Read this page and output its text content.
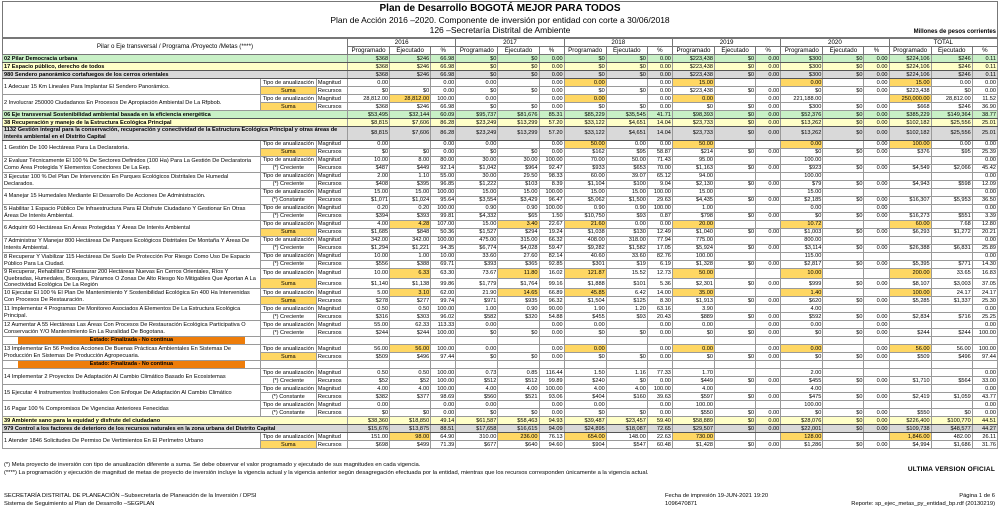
Plan de Desarrollo BOGOTÁ MEJOR PARA TODOS
Plan de Acción 2016 –2020. Componente de inversión por entidad con corte a 30/06/2018
126 –Secretaría Distrital de Ambiente	Millones de pesos corrientes
Pilar o Eje transversal / Programa /Proyecto /Metas (****)			2016			2017			2018			2019			2020			TOTAL		
			Programado	Ejecutado	%	Programado	Ejecutado	%	Programado	Ejecutado	%	Programado	Ejecutado	%	Programado	Ejecutado	%	Programado	Ejecutado	%
02 Pilar Democracia urbana			$368	$246	66.98	$0	$0	0.00	$0	$0	0.00	$223,438	$0	0.00	$300	$0	0.00	$224,106	$246	0.11
17 Espacio público, derecho de todos			$368	$246	66.98	$0	$0	0.00	$0	$0	0.00	$223,438	$0	0.00	$300	$0	0.00	$224,106	$246	0.11
980 Sendero panorámico cortafuegos de los cerros orientales			$368	$246	66.98	$0	$0	0.00	$0	$0	0.00	$223,438	$0	0.00	$300	$0	0.00	$224,106	$246	0.11
1 Adecuar 15 Km Lineales Para Implantar El Sendero Panorámico.	Tipo de anualización	Magnitud	0.00		0.00	0.00		0.00	0.00		0.00	15.00			0.00		0.00	15.00	0.00	0.00
	Suma	Recursos	$0	$0	0.00	$0	$0	0.00	$0	$0	0.00	$223,438	$0	0.00	$0	$0	0.00	$223,438	$0	0.00
2 Involucrar 250000 Ciudadanos En Procesos De Apropiación Ambiental De La Rfpbob.	Tipo de anualización	Magnitud	28,812.00	28,812.00	100.00	0.00		0.00	0.00		0.00	0.00		0.00	221,188.00			250,000.00	28,812.00	11.52
	Suma	Recursos	$368	$246	66.98	$0	$0	0.00	$0	$0	0.00	$0	$0	0.00	$300	$0	0.00	$668	$246	36.90
06 Eje transversal Sostenibilidad ambiental basada en la eficiencia energética			$53,495	$32,144	60.09	$95,737	$81,676	85.31	$85,229	$35,545	41.71	$98,393	$0	0.00	$52,376	$0	0.00	$385,229	$149,364	38.77
38 Recuperación y manejo de la Estructura Ecológica Principal			$8,815	$7,606	86.28	$23,249	$13,299	57.20	$33,122	$4,651	14.04	$23,733	$0	0.00	$13,262	$0	0.00	$102,182	$25,556	25.01
1132 Gestión integral para la conservación, recuperación y conectividad de la Estructura Ecológica Principal y otras áreas de interés ambiental en el Distrito Capital			$8,815	$7,606	86.28	$23,249	$13,299	57.20	$33,122	$4,651	14.04	$23,733	$0	0.00	$13,262	$0	0.00	$102,182	$25,556	25.01
1 Gestión De 100 Hectáreas Para La Declaratoria.	Tipo de anualización	Magnitud	0.00		0.00	0.00		0.00	50.00	0.00	0.00	50.00			0.00		0.00	100.00	0.00	0.00
	Suma	Recursos	$0	$0	0.00	$0	$0	0.00	$162	$95	58.87	$214	$0	0.00	$0	$0	0.00	$376	$95	25.39
2 Evaluar Técnicamente El 100 % De Sectores Definidos (100 Ha) Para La Gestión De Declaratoria Como Área Protegida Y Elementos Conectores De La Eep.	Tipo de anualización	Magnitud	10.00	8.00	80.00	30.00	30.00	100.00	70.00	50.00	71.43	95.00			100.00					0.00
	(*) Creciente	Recursos	$487	$449	92.14	$1,042	$964	92.47	$933	$653	70.00	$1,163	$0	0.00	$923	$0	0.00	$4,549	$2,066	45.42
3 Ejecutar 100 % Del Plan De Intervención En Parques Ecológicos Distritales De Humedal Declarados.	Tipo de anualización	Magnitud	2.00	1.10	55.00	30.00	29.50	98.33	60.00	39.07	65.12	94.00			100.00					0.00
	(*) Creciente	Recursos	$408	$395	96.85	$1,222	$103	8.39	$1,104	$100	9.04	$2,130	$0	0.00	$79	$0	0.00	$4,943	$598	12.09
4 Manejar 15 Humedales Mediante El Desarrollo De Acciones De Administración.	Tipo de anualización	Magnitud	15.00	15.00	100.00	15.00	15.00	100.00	15.00	15.00	100.00	15.00			15.00					0.00
	(*) Constante	Recursos	$1,071	$1,024	95.64	$3,554	$3,429	96.47	$5,062	$1,500	29.63	$4,435	$0	0.00	$2,185	$0	0.00	$16,307	$5,953	36.50
5 Habilitar 1 Espacio Público De Infraestructura Para El Disfrute Ciudadano Y Gestionar En Otras Áreas De Interés Ambiental.	Tipo de anualización	Magnitud	0.20	0.20	100.00	0.90	0.90	100.00	0.90	0.90	100.00	1.00			0.00		0.00			0.00
	(*) Creciente	Recursos	$394	$393	99.81	$4,332	$65	1.50	$10,750	$93	0.87	$798	$0	0.00	$0	$0	0.00	$16,273	$551	3.39
6 Adquirir 60 Hectáreas En Áreas Protegidas Y Áreas De Interés Ambiental	Tipo de anualización	Magnitud	4.00	4.28	107.00	15.00	3.40	22.67	21.60	0.00	0.00	20.00			10.72			60.00	7.68	12.80
	Suma	Recursos	$1,685	$848	50.36	$1,527	$294	19.24	$1,038	$130	12.49	$1,040	$0	0.00	$1,003	$0	0.00	$6,293	$1,272	20.21
7 Administrar Y Manejar 800 Hectáreas De Parques Ecológicos Distritales De Montaña Y Áreas De Interés Ambiental.	Tipo de anualización	Magnitud	342.00	342.00	100.00	475.00	315.00	66.32	408.00	318.00	77.94	775.00			800.00					0.00
	(*) Creciente	Recursos	$1,294	$1,221	94.35	$6,774	$4,028	59.47	$9,282	$1,582	17.05	$5,924	$0	0.00	$3,114	$0	0.00	$26,388	$6,831	25.89
8 Recuperar Y Viabilizar 115 Hectáreas De Suelo De Protección Por Riesgo Como Uso De Espacio Público Para La Ciudad.	Tipo de anualización	Magnitud	10.00	1.00	10.00	33.60	27.60	82.14	40.60	33.60	82.76	100.00			115.00					0.00
	(*) Creciente	Recursos	$556	$388	69.71	$393	$365	92.85	$301	$19	6.19	$1,328	$0	0.00	$2,817	$0	0.00	$5,395	$771	14.30
9 Recuperar, Rehabilitar O Restaurar 200 Hectáreas Nuevas En Cerros Orientales, Ríos Y Quebradas, Humedales, Bosques, Páramos O Zonas De Alto Riesgo No Mitigables Que Aportan A La Conectividad Ecológica De La Región	Tipo de anualización	Magnitud	10.00	6.33	63.30	73.67	11.80	16.02	121.87	15.52	12.73	50.00			10.00			200.00	33.65	16.83
	Suma	Recursos	$1,140	$1,138	99.86	$1,779	$1,764	99.16	$1,888	$101	5.36	$2,301	$0	0.00	$999	$0	0.00	$8,107	$3,003	37.05
10 Ejecutar El 100 % El Plan De Mantenimiento Y Sostenibilidad Ecológica En 400 Ha Intervenidas Con Procesos De Restauración.	Tipo de anualización	Magnitud	5.00	3.10	62.00	21.90	14.65	66.89	45.85	6.42	14.00	35.00			1.40			100.00	24.17	24.17
	Suma	Recursos	$278	$277	99.74	$971	$935	96.32	$1,504	$125	8.30	$1,913	$0	0.00	$620	$0	0.00	$5,285	$1,337	25.30
11 Implementar 4 Programas De Monitoreo Asociados A Elementos De La Estructura Ecológica Principal.	Tipo de anualización	Magnitud	0.50	0.50	100.00	1.00	0.90	90.00	1.90	1.20	63.16	3.90			4.00					0.00
	(*) Creciente	Recursos	$316	$303	96.02	$582	$320	54.88	$455	$93	20.43	$889	$0	0.00	$592	$0	0.00	$2,834	$716	25.25
12 Aumentar A 55 Hectáreas Las Áreas Con Procesos De Restauración Ecológica Participativa O Conservación Y/O Mantenimiento En La Ruralidad De Bogotana.	Tipo de anualización	Magnitud	55.00	62.33	113.33	0.00		0.00	0.00		0.00	0.00		0.00	0.00		0.00			0.00
	(*) Creciente	Recursos	$244	$244	100.00	$0	$0	0.00	$0	$0	0.00	$0	$0	0.00	$0	$0	0.00	$244	$244	100.00

Estado: Finalizada - No continua																				

13 Implementar En 56 Predios Acciones De Buenas Prácticas Ambientales En Sistemas De Producción En Sistemas De Producción Agropecuaria.	Tipo de anualización	Magnitud	56.00	56.00	100.00	0.00		0.00	0.00		0.00	0.00		0.00	0.00		0.00	56.00	56.00	100.00
	Suma	Recursos	$509	$496	97.44	$0	$0	0.00	$0	$0	0.00	$0	$0	0.00	$0	$0	0.00	$509	$496	97.44

Estado: Finalizada - No continua																				

14 Implementar 2 Proyectos De Adaptación Al Cambio Climático Basado En Ecosistemas	Tipo de anualización	Magnitud	0.50	0.50	100.00	0.73	0.85	116.44	1.50	1.16	77.33	1.70			2.00					0.00
	(*) Creciente	Recursos	$52	$52	100.00	$512	$512	99.89	$240	$0	0.00	$449	$0	0.00	$455	$0	0.00	$1,710	$564	33.00
15 Ejecutar 4 Instrumentos Institucionales Con Enfoque De Adaptación Al Cambio Climático	Tipo de anualización	Magnitud	4.00	4.00	100.00	4.00	4.00	100.00	4.00	4.00	100.00	4.00			4.00					0.00
	(*) Constante	Recursos	$382	$377	98.69	$560	$521	93.06	$404	$160	39.63	$597	$0	0.00	$475	$0	0.00	$2,419	$1,059	43.77
16 Pagar 100 % Compromisos De Vigencias Anteriores Fenecidas	Tipo de anualización	Magnitud	0.00		0.00	0.00		0.00	0.00		0.00	100.00			100.00					0.00
	(*) Constante	Recursos	$0	$0	0.00	$0	$0	0.00	$0	$0	0.00	$550	$0	0.00	$0	$0	0.00	$550	$0	0.00
39 Ambiente sano para la equidad y disfrute del ciudadano			$38,360	$18,850	49.14	$61,587	$58,463	94.93	$39,487	$23,457	59.40	$58,889	$0	0.00	$28,076	$0	0.00	$226,400	$100,770	44.51
979 Control a los factores de deterioro de los recursos naturales en la zona urbana del Distrito Capital			$15,676	$13,875	88.51	$17,658	$16,615	94.09	$24,895	$18,087	72.65	$29,507	$0	0.00	$22,001	$0	0.00	$109,738	$48,577	44.27
1 Atender 1846 Solicitudes De Permiso De Vertimientos En El Perímetro Urbano	Tipo de anualización	Magnitud	151.00	98.00	64.90	310.00	236.00	76.13	654.00	148.00	22.63	730.00			128.00			1,846.00	482.00	26.11
	Suma	Recursos	$698	$499	71.39	$677	$640	94.60	$904	$547	60.48	$1,428	$0	0.00	$1,286	$0	0.00	$4,994	$1,686	31.76
(*) Meta proyecto de inversión con tipo de anualización diferente a suma. Se debe observar el valor programado y ejecutado de sus magnitudes en cada vigencia.
(****) La programación y ejecución de magnitud de metas de proyecto de inversión incluye la vigencia actual y la vigencia anterior según desagregación efectuada por la entidad, mientras que los recursos corresponden únicamente a la vigencia actual.	ULTIMA VERSION OFICIAL
SECRETARÍA DISTRITAL DE PLANEACIÓN –Subsecretaría de Planeación de la Inversión / DPSI
Sistema de Seguimiento al Plan de Desarrollo –SEGPLAN
Fecha de impresión 19-JUN-2021 19:20	Página 1 de 6
1096470871	Reporte: sp_ejec_metas_py_entidad_bp.rdf (20130219)
